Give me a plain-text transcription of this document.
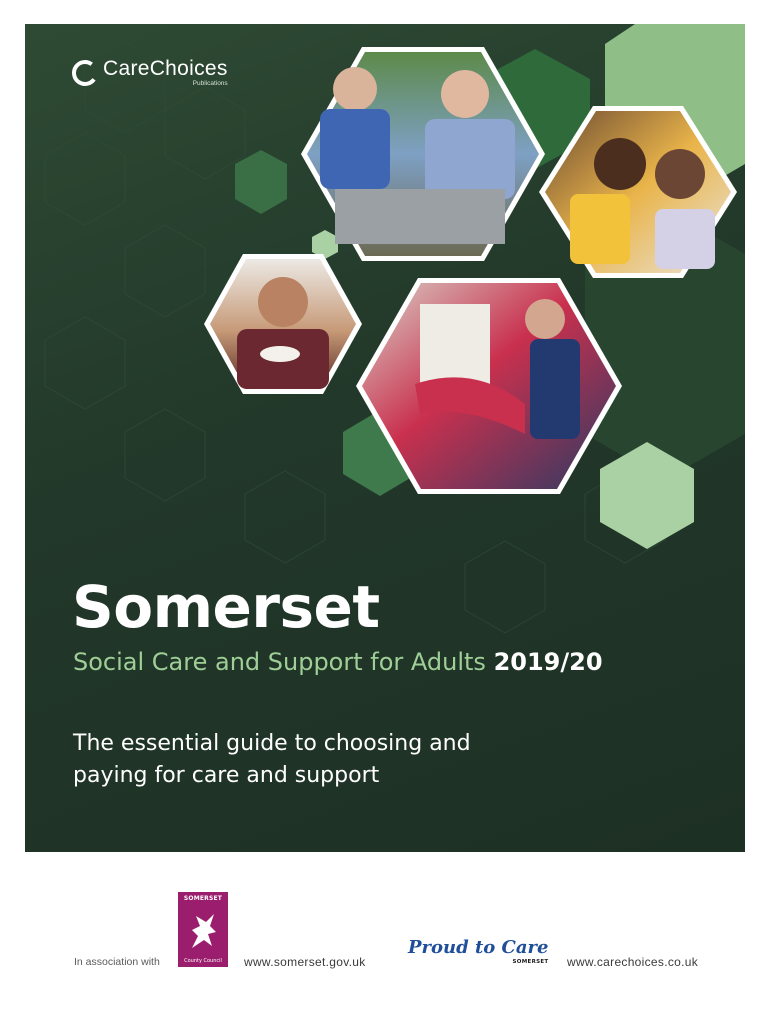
CareChoices
Publications
Somerset
Social Care and Support for Adults 2019/20
The essential guide to choosing and paying for care and support
In association with
SOMERSET
County Council www.somerset.gov.uk
Proud to Care
SOMERSET www.carechoices.co.uk
